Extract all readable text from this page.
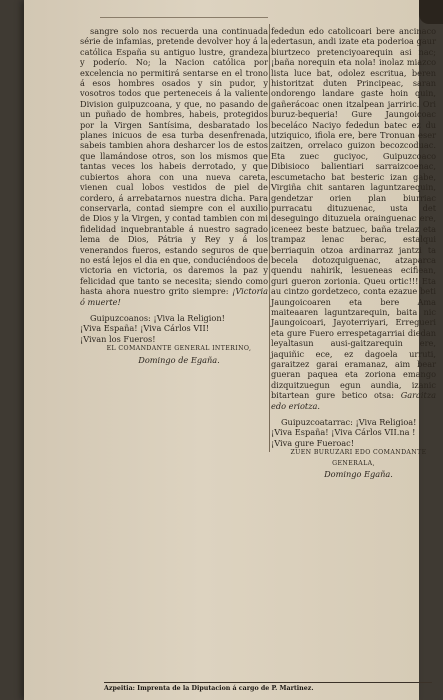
sangre solo nos recuerda una continuada série de infamias, pretende devolver hoy á la católica España su antiguo lustre, grandeza y poderío. No; la Nacion católica por excelencia no permitirá sentarse en el trono á esos hombres osados y sin pudor, y vosotros todos que perteneceis á la valiente Division guipuzcoana, y que, no pasando de un puñado de hombres, habeis, protegidos por la Virgen Santísima, desbaratado los planes inicuos de esa turba desenfrenada, sabeis tambien ahora desharcer los de estos que llamándose otros, son los mismos que tantas veces los habeis derrotado, y que cubiertos ahora con una nueva careta, vienen cual lobos vestidos de piel de cordero, á arrebatarnos nuestra dicha. Para conservarla, contad siempre con el auxilio de Dios y la Virgen, y contad tambien con mi fidelidad inquebrantable á nuestro sagrado lema de Dios, Pátria y Rey y á los venerandos fueros, estando seguros de que no está lejos el dia en que, conduciéndoos de victoria en victoria, os daremos la paz y felicidad que tanto se necesita; siendo como hasta ahora nuestro grito siempre: ¡Victoria ó muerte!

Guipuzcoanos: ¡Viva la Religion!
¡Viva España! ¡Viva Cárlos VII!
¡Vivan los Fueros!

EL COMANDANTE GENERAL INTERINO,

Domingo de Egaña.

fededun edo catolicoari bere ancinaco edertasun, andi izate eta poderioa gaur biurtzeco pretenciyoarequin asi nac; ¡baña norequin eta nola! inolaz miazco lista luce bat, odolez escritua, beren historitzat duten Principeac, saran ondorengo landare gaste hoin quin, gañerácoac onen itzalpean jarriric. Ori buruz-bequeria! Gure Jaungoicoac beceláco Naciyo fededun batec ez du utziquico, ifiola ere, bere Tronuan eser zaitzen, orrelaco guizon becozcoduac. Eta zuec guciyoc, Guipuzcoaco Dibisioco balientiari sarraizcoenac, escumetacho bat besteric izan gabe, Virgiña chit santaren laguntzarequin, gendetzar orien plan biurriac purracatu dituzuenac, usta det deseguingo dituzuela orainguenac ere, iceneez beste batzuec, baña trelaz eta trampaz lenac berac, estalqui berriaquin otzoa ardinarraz jantzi ta becela dotozquiguenac, atzaparca quendu nahirik, lesueneas ecifiean, guri gueron zorionia. Queu ortic!!! Eta au cintzo gordetzeco, conta ezazue beti Jaungoicoaren eta bere Ama maiteaaren laguntzarequin, baita nic Jaungoicoari, Jayoterriyari, Erregueri eta gure Fuero errespetagarriai diedan leyaltasun ausi-gaitzarequin ere, jaquiñic ece, ez dagoela urruti, garaitzez garai eramanaz, aim bear gueran paquea eta zoriona emango dizquitzuegun egun aundia, izanic bitartean gure betico otsa: Garaitza edo eriotza.

Guipuzcoatarrac: ¡Viva Religioa!
¡Viva España! ¡Viva Cárlos VII.na !
¡Viva gure Fueroac!

ZUEN BURUZARI EDO COMANDANTE GENERALA,

Domingo Egaña.

Azpeitia: Imprenta de la Diputacion á cargo de P. Martinez.
